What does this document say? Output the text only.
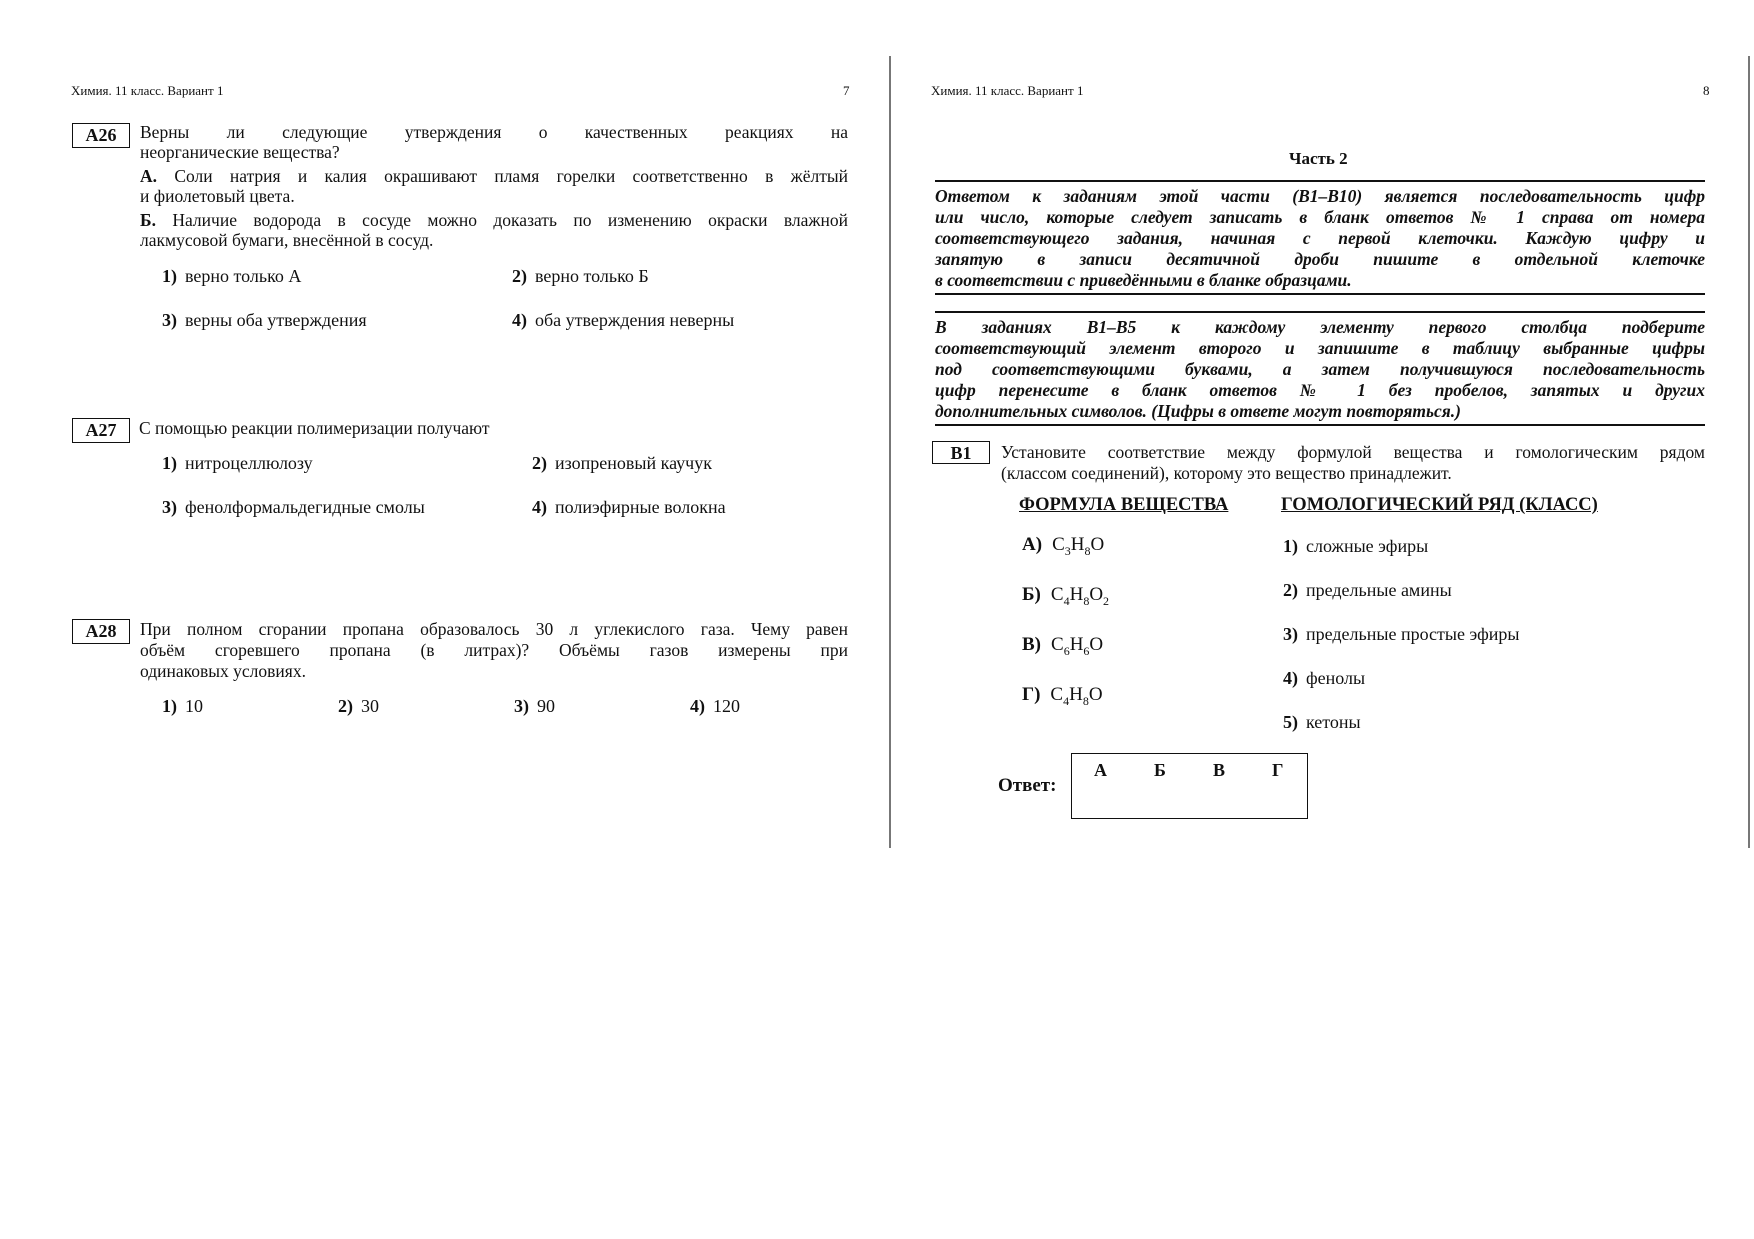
Химия. 11 класс. Вариант 1	7
A26	Верны ли следующие утверждения о качественных реакциях на
неорганические вещества?
А. Соли натрия и калия окрашивают пламя горелки соответственно в жёлтый
и фиолетовый цвета.
Б. Наличие водорода в сосуде можно доказать по изменению окраски влажной
лакмусовой бумаги, внесённой в сосуд.
1) верно только А	2) верно только Б
3) верны оба утверждения	4) оба утверждения неверны
A27	С помощью реакции полимеризации получают
1) нитроцеллюлозу	2) изопреновый каучук
3) фенолформальдегидные смолы	4) полиэфирные волокна
A28	При полном сгорании пропана образовалось 30 л углекислого газа. Чему равен
объём сгоревшего пропана (в литрах)? Объёмы газов измерены при
одинаковых условиях.
1) 10	2) 30	3) 90	4) 120
Химия. 11 класс. Вариант 1	8
Часть 2
Ответом к заданиям этой части (В1–В10) является последовательность цифр
или число, которые следует записать в бланк ответов № 1 справа от номера
соответствующего задания, начиная с первой клеточки. Каждую цифру и
запятую в записи десятичной дроби пишите в отдельной клеточке
в соответствии с приведёнными в бланке образцами.
В заданиях В1–В5 к каждому элементу первого столбца подберите
соответствующий элемент второго и запишите в таблицу выбранные цифры
под соответствующими буквами, а затем получившуюся последовательность
цифр перенесите в бланк ответов № 1 без пробелов, запятых и других
дополнительных символов. (Цифры в ответе могут повторяться.)
В1	Установите соответствие между формулой вещества и гомологическим рядом
(классом соединений), которому это вещество принадлежит.
ФОРМУЛА ВЕЩЕСТВА	ГОМОЛОГИЧЕСКИЙ РЯД (КЛАСС)
А) $C_3H_8O$
Б) $C_4H_8O_2$
В) $C_6H_6O$
Г) $C_4H_8O$
1) сложные эфиры
2) предельные амины
3) предельные простые эфиры
4) фенолы
5) кетоны
Ответ:
А	Б	В	Г
